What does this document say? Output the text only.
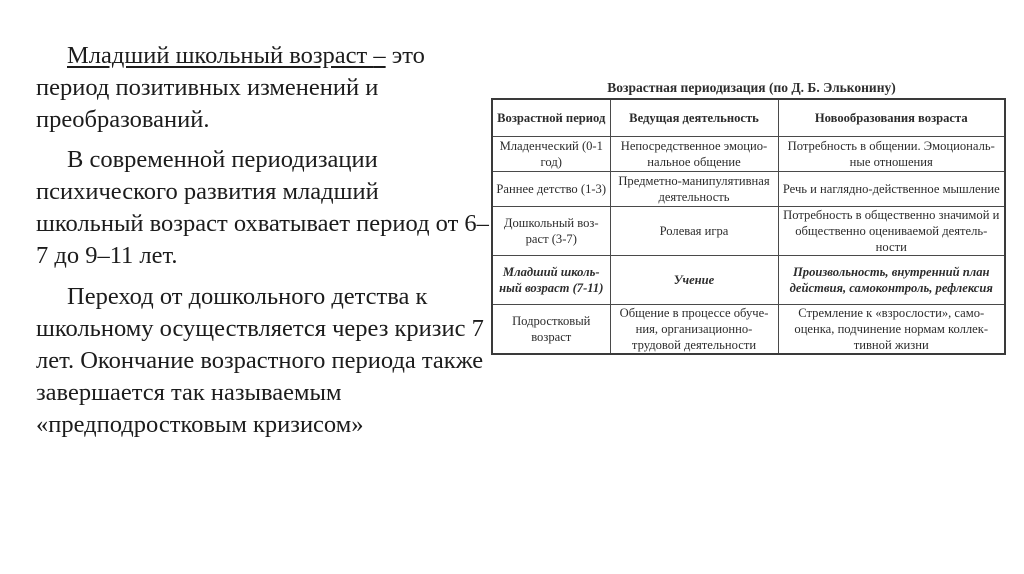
Младший школьный возраст – это период позитивных изменений и преобразований.

В современной периодизации психического развития младший школьный возраст охватывает период от 6–7 до 9–11 лет.

Переход от дошкольного детства к школьному осуществляется через кризис 7 лет. Окончание возрастного периода также завершается так называемым «предподростковым кризисом»

Возрастная периодизация (по Д. Б. Эльконину)
Возрастной период	Ведущая деятельность	Новообразования возраста
Младенческий (0-1 год)	Непосредственное эмоцио-нальное общение	Потребность в общении. Эмоциональ-ные отношения
Раннее детство (1-3)	Предметно-манипулятивная деятельность	Речь и наглядно-действенное мышление
Дошкольный воз-раст (3-7)	Ролевая игра	Потребность в общественно значимой и общественно оцениваемой деятель-ности
Младший школь-ный возраст (7-11)	Учение	Произвольность, внутренний план действия, самоконтроль, рефлексия
Подростковый возраст	Общение в процессе обуче-ния, организационно-трудовой деятельности	Стремление к «взрослости», само-оценка, подчинение нормам коллек-тивной жизни
